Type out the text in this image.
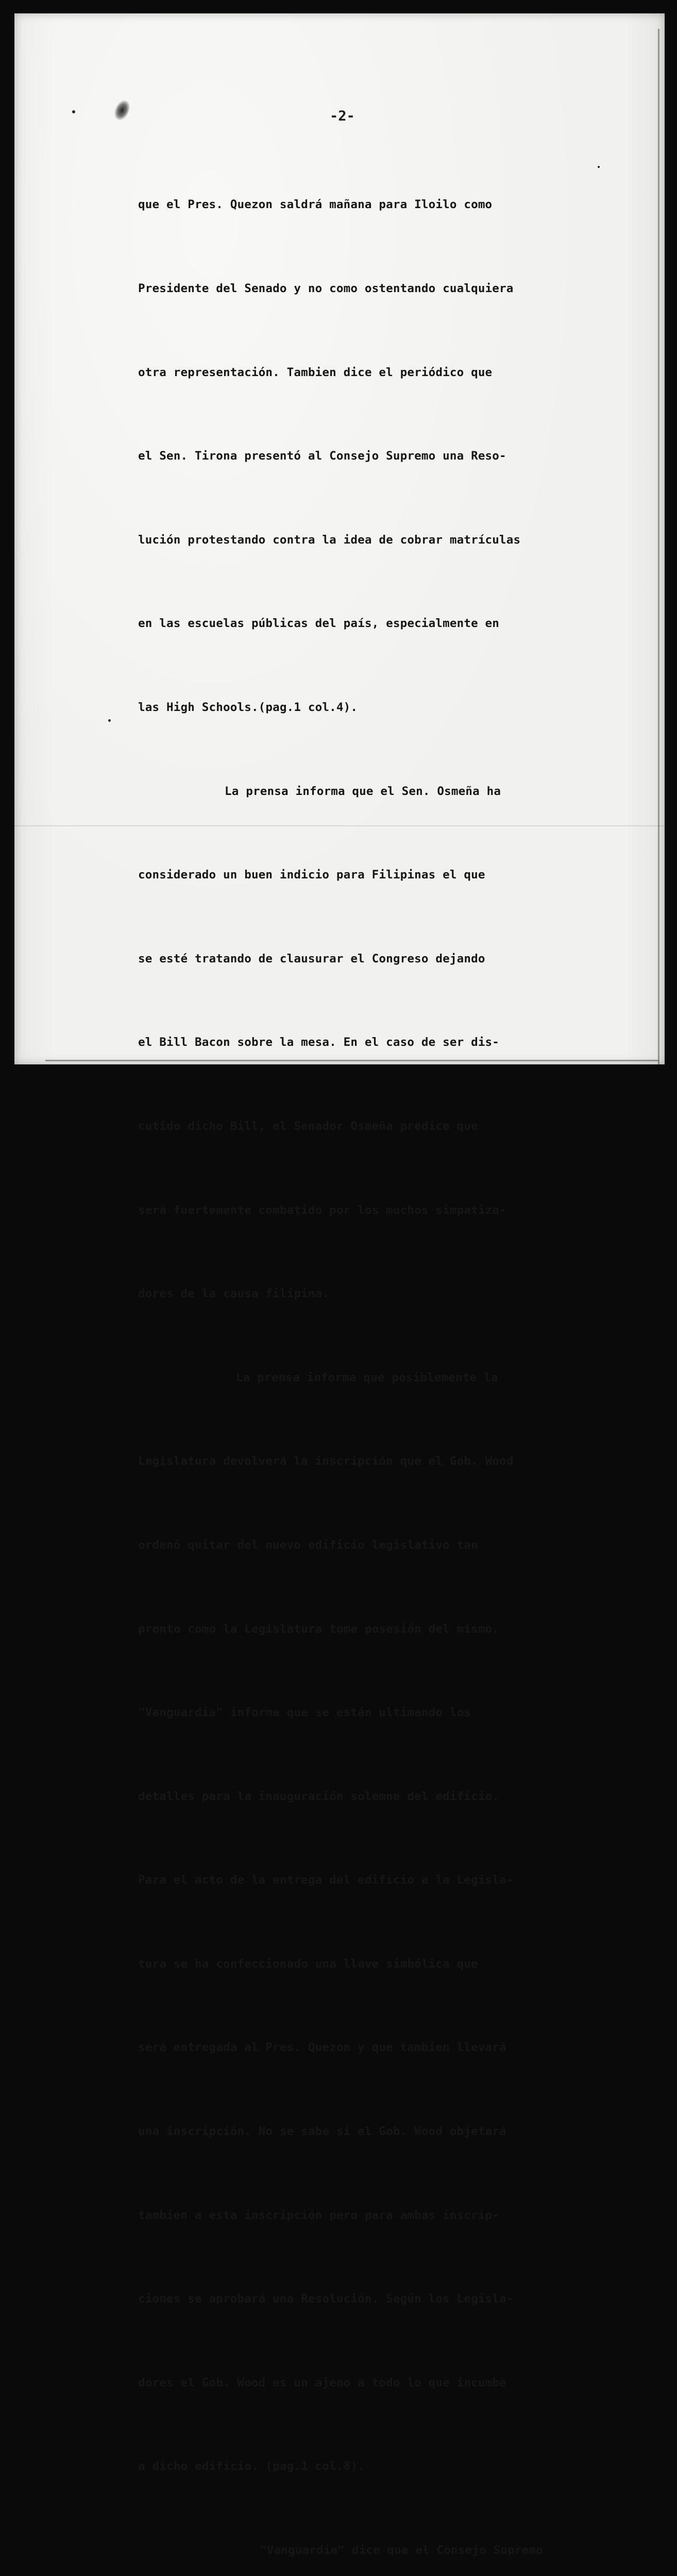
-2-

que el Pres. Quezon saldrá mañana para Iloilo como

Presidente del Senado y no como ostentando cualquiera

otra representación. Tambien dice el periódico que

el Sen. Tirona presentó al Consejo Supremo una Reso-

lución protestando contra la idea de cobrar matrículas

en las escuelas públicas del país, especialmente en

las High Schools.(pag.1 col.4).

La prensa informa que el Sen. Osmeña ha

considerado un buen indicio para Filipinas el que

se esté tratando de clausurar el Congreso dejando

el Bill Bacon sobre la mesa. En el caso de ser dis-

cutido dicho Bill, el Senador Osmeña predice que

será fuertemente combatido por los muchos simpatiza-

dores de la causa filipina.

La prensa informa que posiblemente la

Legislatura devolverá la inscripción que el Gob. Wood

ordenó quitar del nuevo edificio legislativo tan

pronto como la Legislatura tome posesión del mismo.

"Vanguardia" informa que se están ultimando los

detalles para la inauguración solemne del edificio.

Para el acto de la entrega del edificio a la Legisla-

tura se ha confeccionado una llave simbólica que

será entregada al Pres. Quezon y que tambien llevará

una inscripción. No se sabe si el Gob. Wood objetará

tambien a esta inscripción pero para ambas inscrip-

ciones se aprobará una Resolución. Según los Legisla-

dores el Gob. Wood es un ajeno a todo lo que incumbe

a dicho edificio. (pag.1 col.8).

"Vanguardia" dice que el Consejo Supremo
